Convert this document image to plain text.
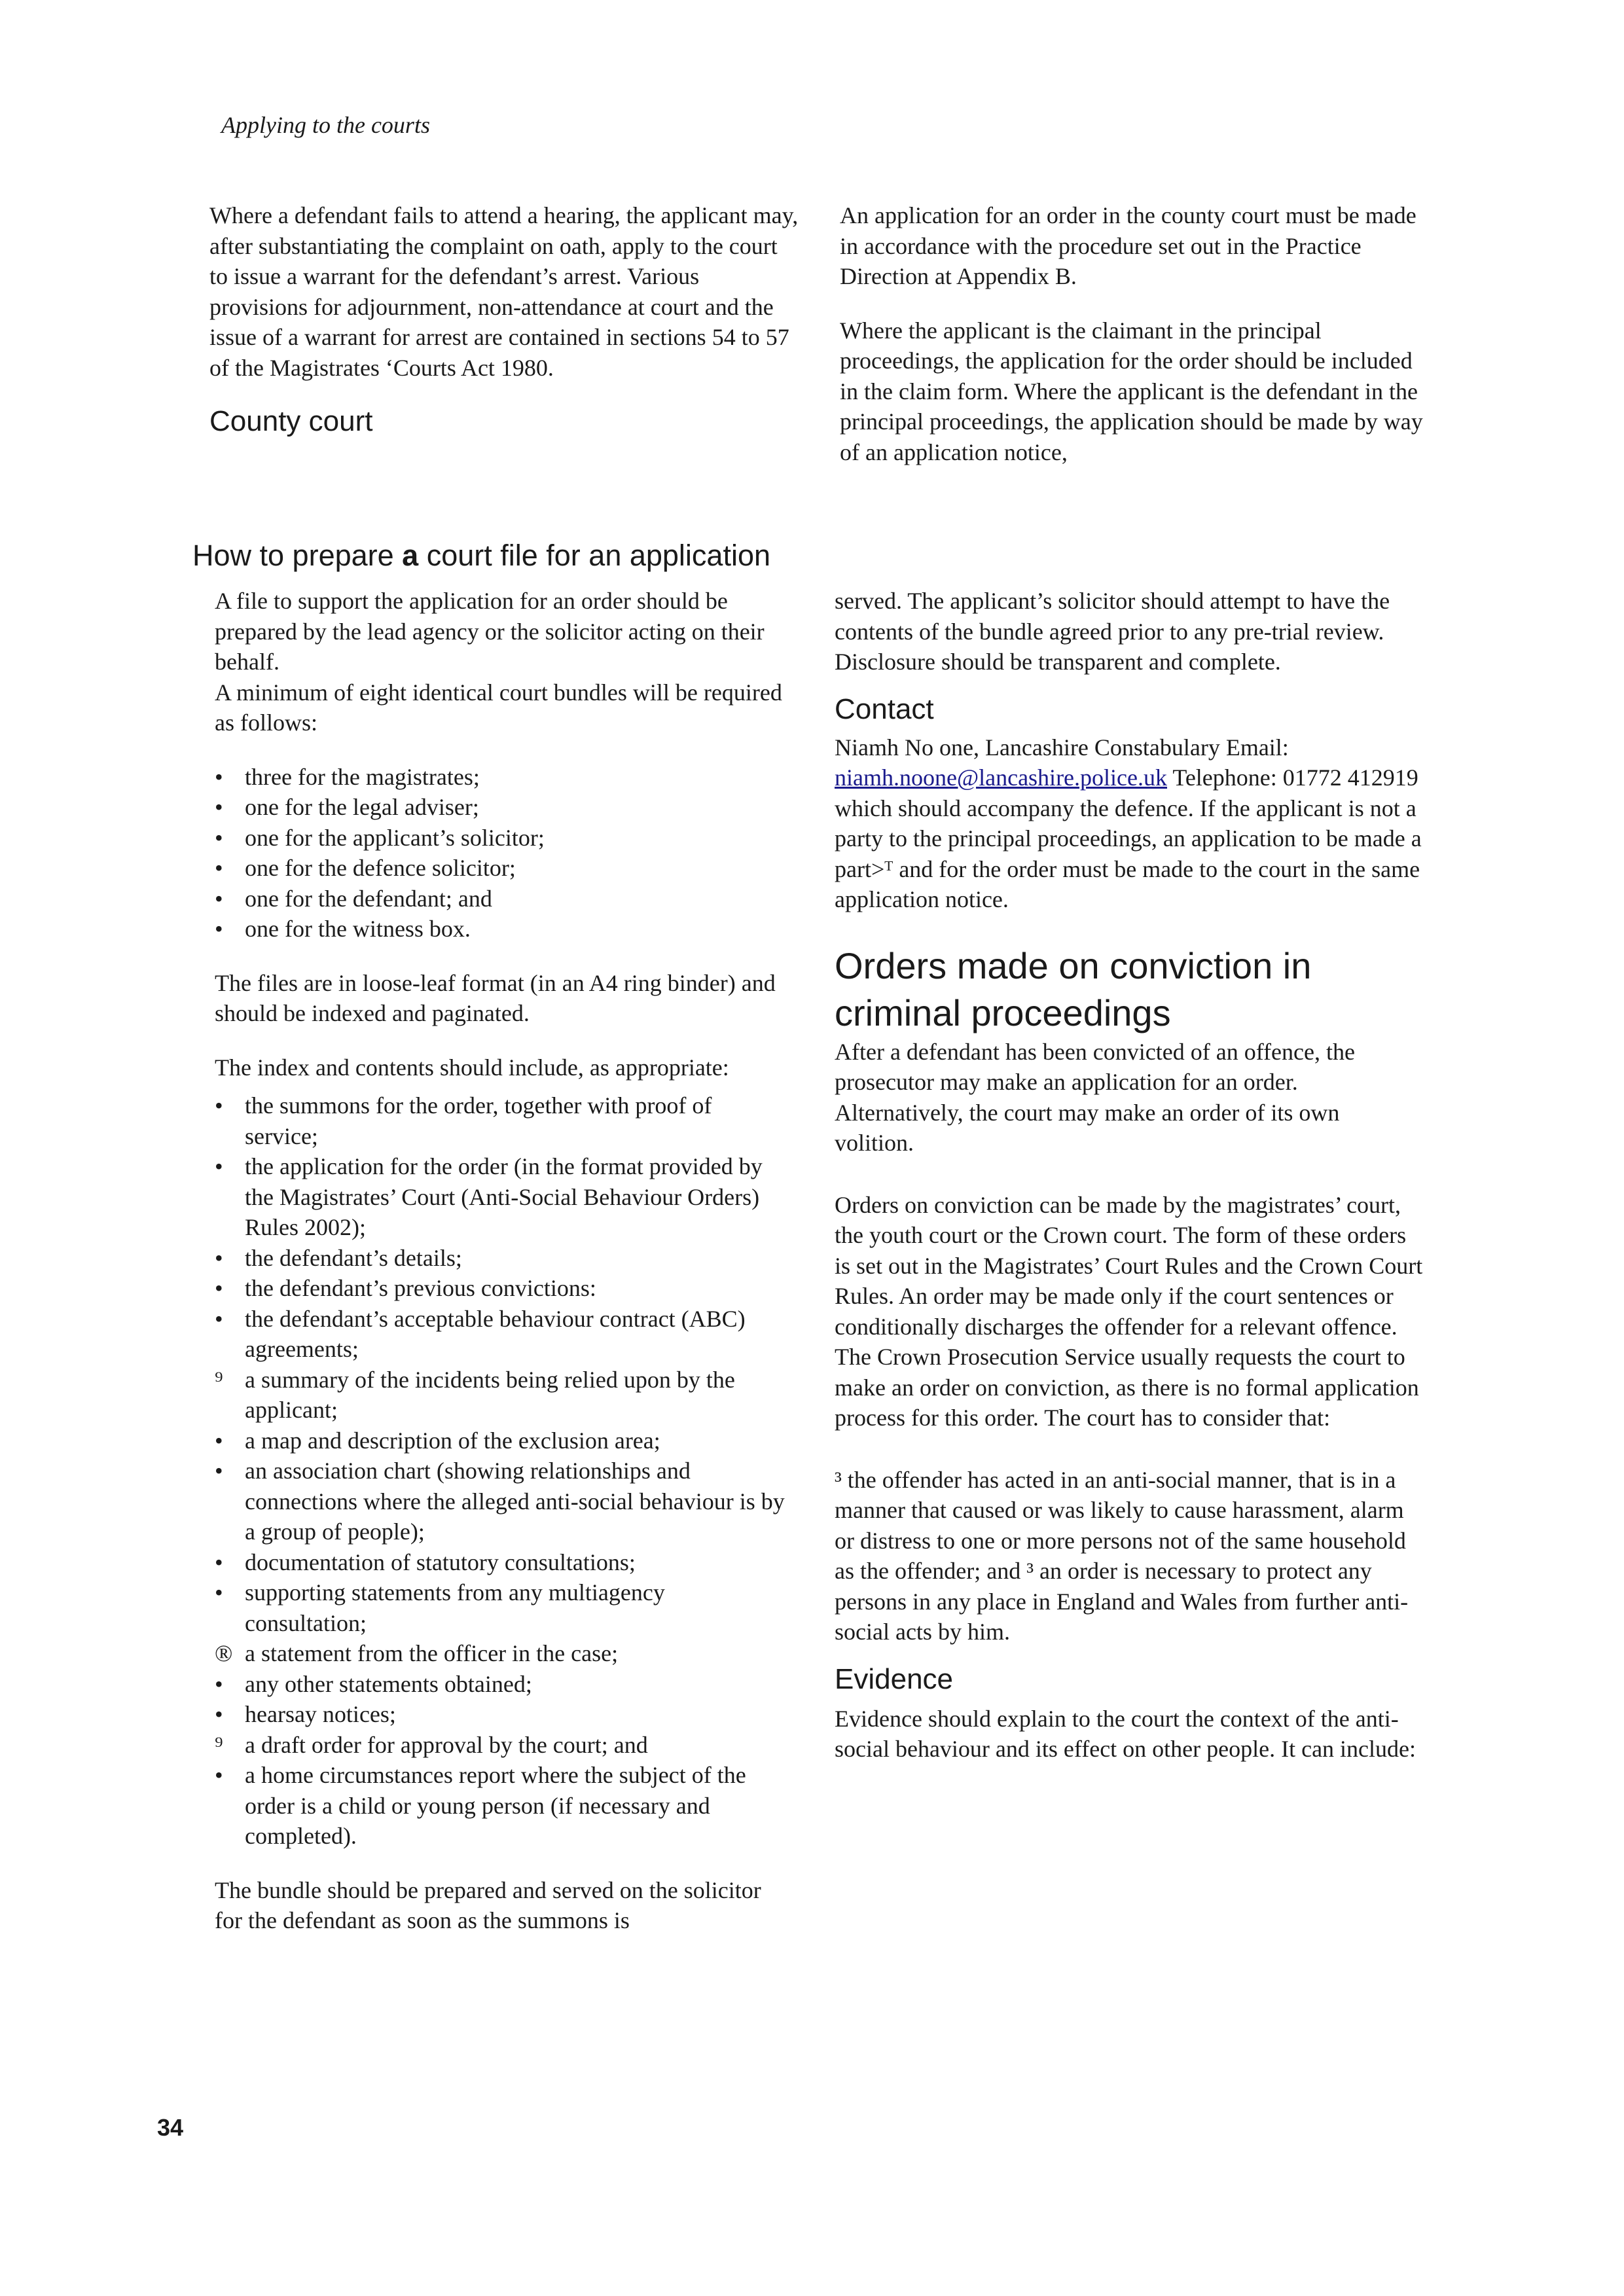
Applying to the courts

Where a defendant fails to attend a hearing, the applicant may, after substantiating the complaint on oath, apply to the court to issue a warrant for the defendant’s arrest. Various provisions for adjournment, non-attendance at court and the issue of a warrant for arrest are contained in sections 54 to 57 of the Magistrates ‘Courts Act 1980.

County court

An application for an order in the county court must be made in accordance with the procedure set out in the Practice Direction at Appendix B.

Where the applicant is the claimant in the principal proceedings, the application for the order should be included in the claim form. Where the applicant is the defendant in the principal proceedings, the application should be made by way of an application notice,

How to prepare a court file for an application

A file to support the application for an order should be prepared by the lead agency or the solicitor acting on their behalf.

A minimum of eight identical court bundles will be required as follows:

• three for the magistrates;
• one for the legal adviser;
• one for the applicant’s solicitor;
• one for the defence solicitor;
• one for the defendant; and
• one for the witness box.

The files are in loose-leaf format (in an A4 ring binder) and should be indexed and paginated.

The index and contents should include, as appropriate:

• the summons for the order, together with proof of service;
• the application for the order (in the format provided by the Magistrates’ Court (Anti-Social Behaviour Orders) Rules 2002);
• the defendant’s details;
• the defendant’s previous convictions:
• the defendant’s acceptable behaviour contract (ABC) agreements;
⁹ a summary of the incidents being relied upon by the applicant;
• a map and description of the exclusion area;
• an association chart (showing relationships and connections where the alleged anti-social behaviour is by a group of people);
• documentation of statutory consultations;
• supporting statements from any multiagency consultation;
® a statement from the officer in the case;
• any other statements obtained;
• hearsay notices;
⁹ a draft order for approval by the court; and
• a home circumstances report where the subject of the order is a child or young person (if necessary and completed).

The bundle should be prepared and served on the solicitor for the defendant as soon as the summons is

served. The applicant’s solicitor should attempt to have the contents of the bundle agreed prior to any pre-trial review. Disclosure should be transparent and complete.

Contact

Niamh No one, Lancashire Constabulary Email: niamh.noone@lancashire.police.uk Telephone: 01772 412919 which should accompany the defence. If the applicant is not a party to the principal proceedings, an application to be made a part>ᵀ and for the order must be made to the court in the same application notice.

Orders made on conviction in criminal proceedings

After a defendant has been convicted of an offence, the prosecutor may make an application for an order. Alternatively, the court may make an order of its own volition.

Orders on conviction can be made by the magistrates’ court, the youth court or the Crown court. The form of these orders is set out in the Magistrates’ Court Rules and the Crown Court Rules. An order may be made only if the court sentences or conditionally discharges the offender for a relevant offence.

The Crown Prosecution Service usually requests the court to make an order on conviction, as there is no formal application process for this order. The court has to consider that:

³ the offender has acted in an anti-social manner, that is in a manner that caused or was likely to cause harassment, alarm or distress to one or more persons not of the same household as the offender; and ³ an order is necessary to protect any persons in any place in England and Wales from further anti-social acts by him.

Evidence

Evidence should explain to the court the context of the anti-social behaviour and its effect on other people. It can include:

34
